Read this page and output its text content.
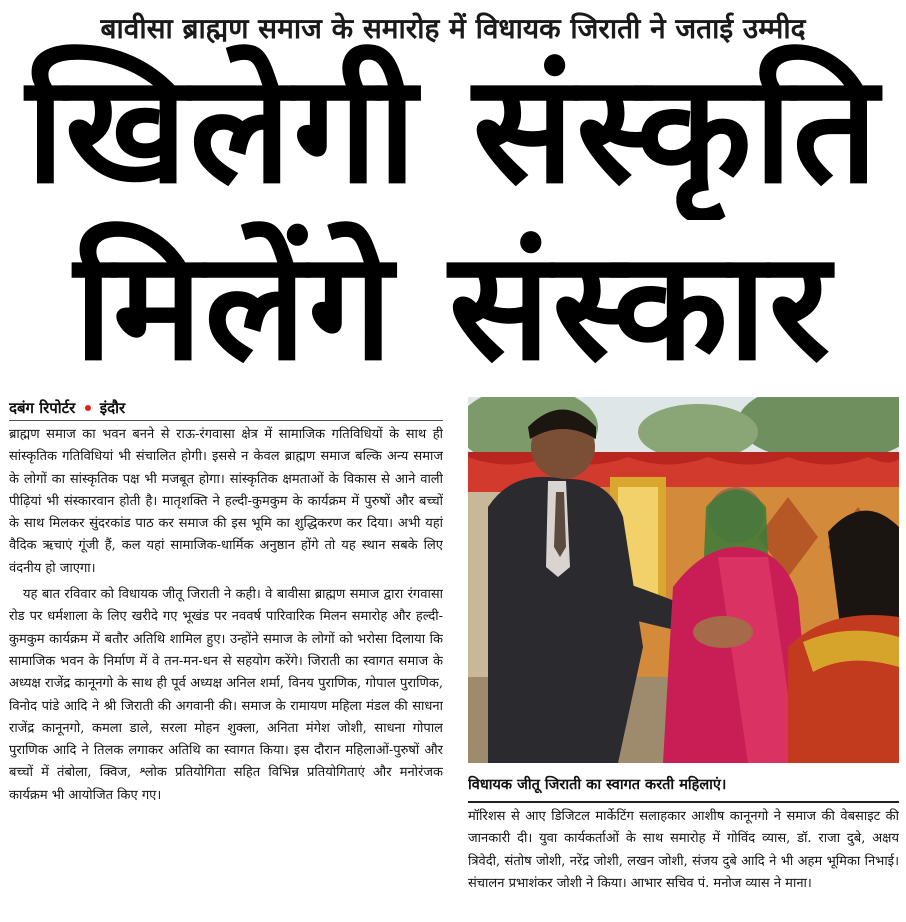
बावीसा ब्राह्मण समाज के समारोह में विधायक जिराती ने जताई उम्मीद
खिलेगी संस्कृति
मिलेंगे संस्कार
दबंग रिपोर्टर इंदौर

ब्राह्मण समाज का भवन बनने से राऊ-रंगवासा क्षेत्र में सामाजिक गतिविधियों के साथ ही सांस्कृतिक गतिविधियां भी संचालित होगी। इससे न केवल ब्राह्मण समाज बल्कि अन्य समाज के लोगों का सांस्कृतिक पक्ष भी मजबूत होगा। सांस्कृतिक क्षमताओं के विकास से आने वाली पीढ़ियां भी संस्कारवान होती है। मातृशक्ति ने हल्दी-कुमकुम के कार्यक्रम में पुरुषों और बच्चों के साथ मिलकर सुंदरकांड पाठ कर समाज की इस भूमि का शुद्धिकरण कर दिया। अभी यहां वैदिक ऋचाएं गूंजी हैं, कल यहां सामाजिक-धार्मिक अनुष्ठान होंगे तो यह स्थान सबके लिए वंदनीय हो जाएगा।

यह बात रविवार को विधायक जीतू जिराती ने कही। वे बावीसा ब्राह्मण समाज द्वारा रंगवासा रोड पर धर्मशाला के लिए खरीदे गए भूखंड पर नववर्ष पारिवारिक मिलन समारोह और हल्दी-कुमकुम कार्यक्रम में बतौर अतिथि शामिल हुए। उन्होंने समाज के लोगों को भरोसा दिलाया कि सामाजिक भवन के निर्माण में वे तन-मन-धन से सहयोग करेंगे। जिराती का स्वागत समाज के अध्यक्ष राजेंद्र कानूनगो के साथ ही पूर्व अध्यक्ष अनिल शर्मा, विनय पुराणिक, गोपाल पुराणिक, विनोद पांडे आदि ने श्री जिराती की अगवानी की। समाज के रामायण महिला मंडल की साधना राजेंद्र कानूनगो, कमला डाले, सरला मोहन शुक्ला, अनिता मंगेश जोशी, साधना गोपाल पुराणिक आदि ने तिलक लगाकर अतिथि का स्वागत किया। इस दौरान महिलाओं-पुरुषों और बच्चों में तंबोला, क्विज, श्लोक प्रतियोगिता सहित विभिन्न प्रतियोगिताएं और मनोरंजक कार्यक्रम भी आयोजित किए गए।

विधायक जीतू जिराती का स्वागत करती महिलाएं।

मॉरिशस से आए डिजिटल मार्केटिंग सलाहकार आशीष कानूनगो ने समाज की वेबसाइट की जानकारी दी। युवा कार्यकर्ताओं के साथ समारोह में गोविंद व्यास, डॉ. राजा दुबे, अक्षय त्रिवेदी, संतोष जोशी, नरेंद्र जोशी, लखन जोशी, संजय दुबे आदि ने भी अहम भूमिका निभाई। संचालन प्रभाशंकर जोशी ने किया। आभार सचिव पं. मनोज व्यास ने माना।
